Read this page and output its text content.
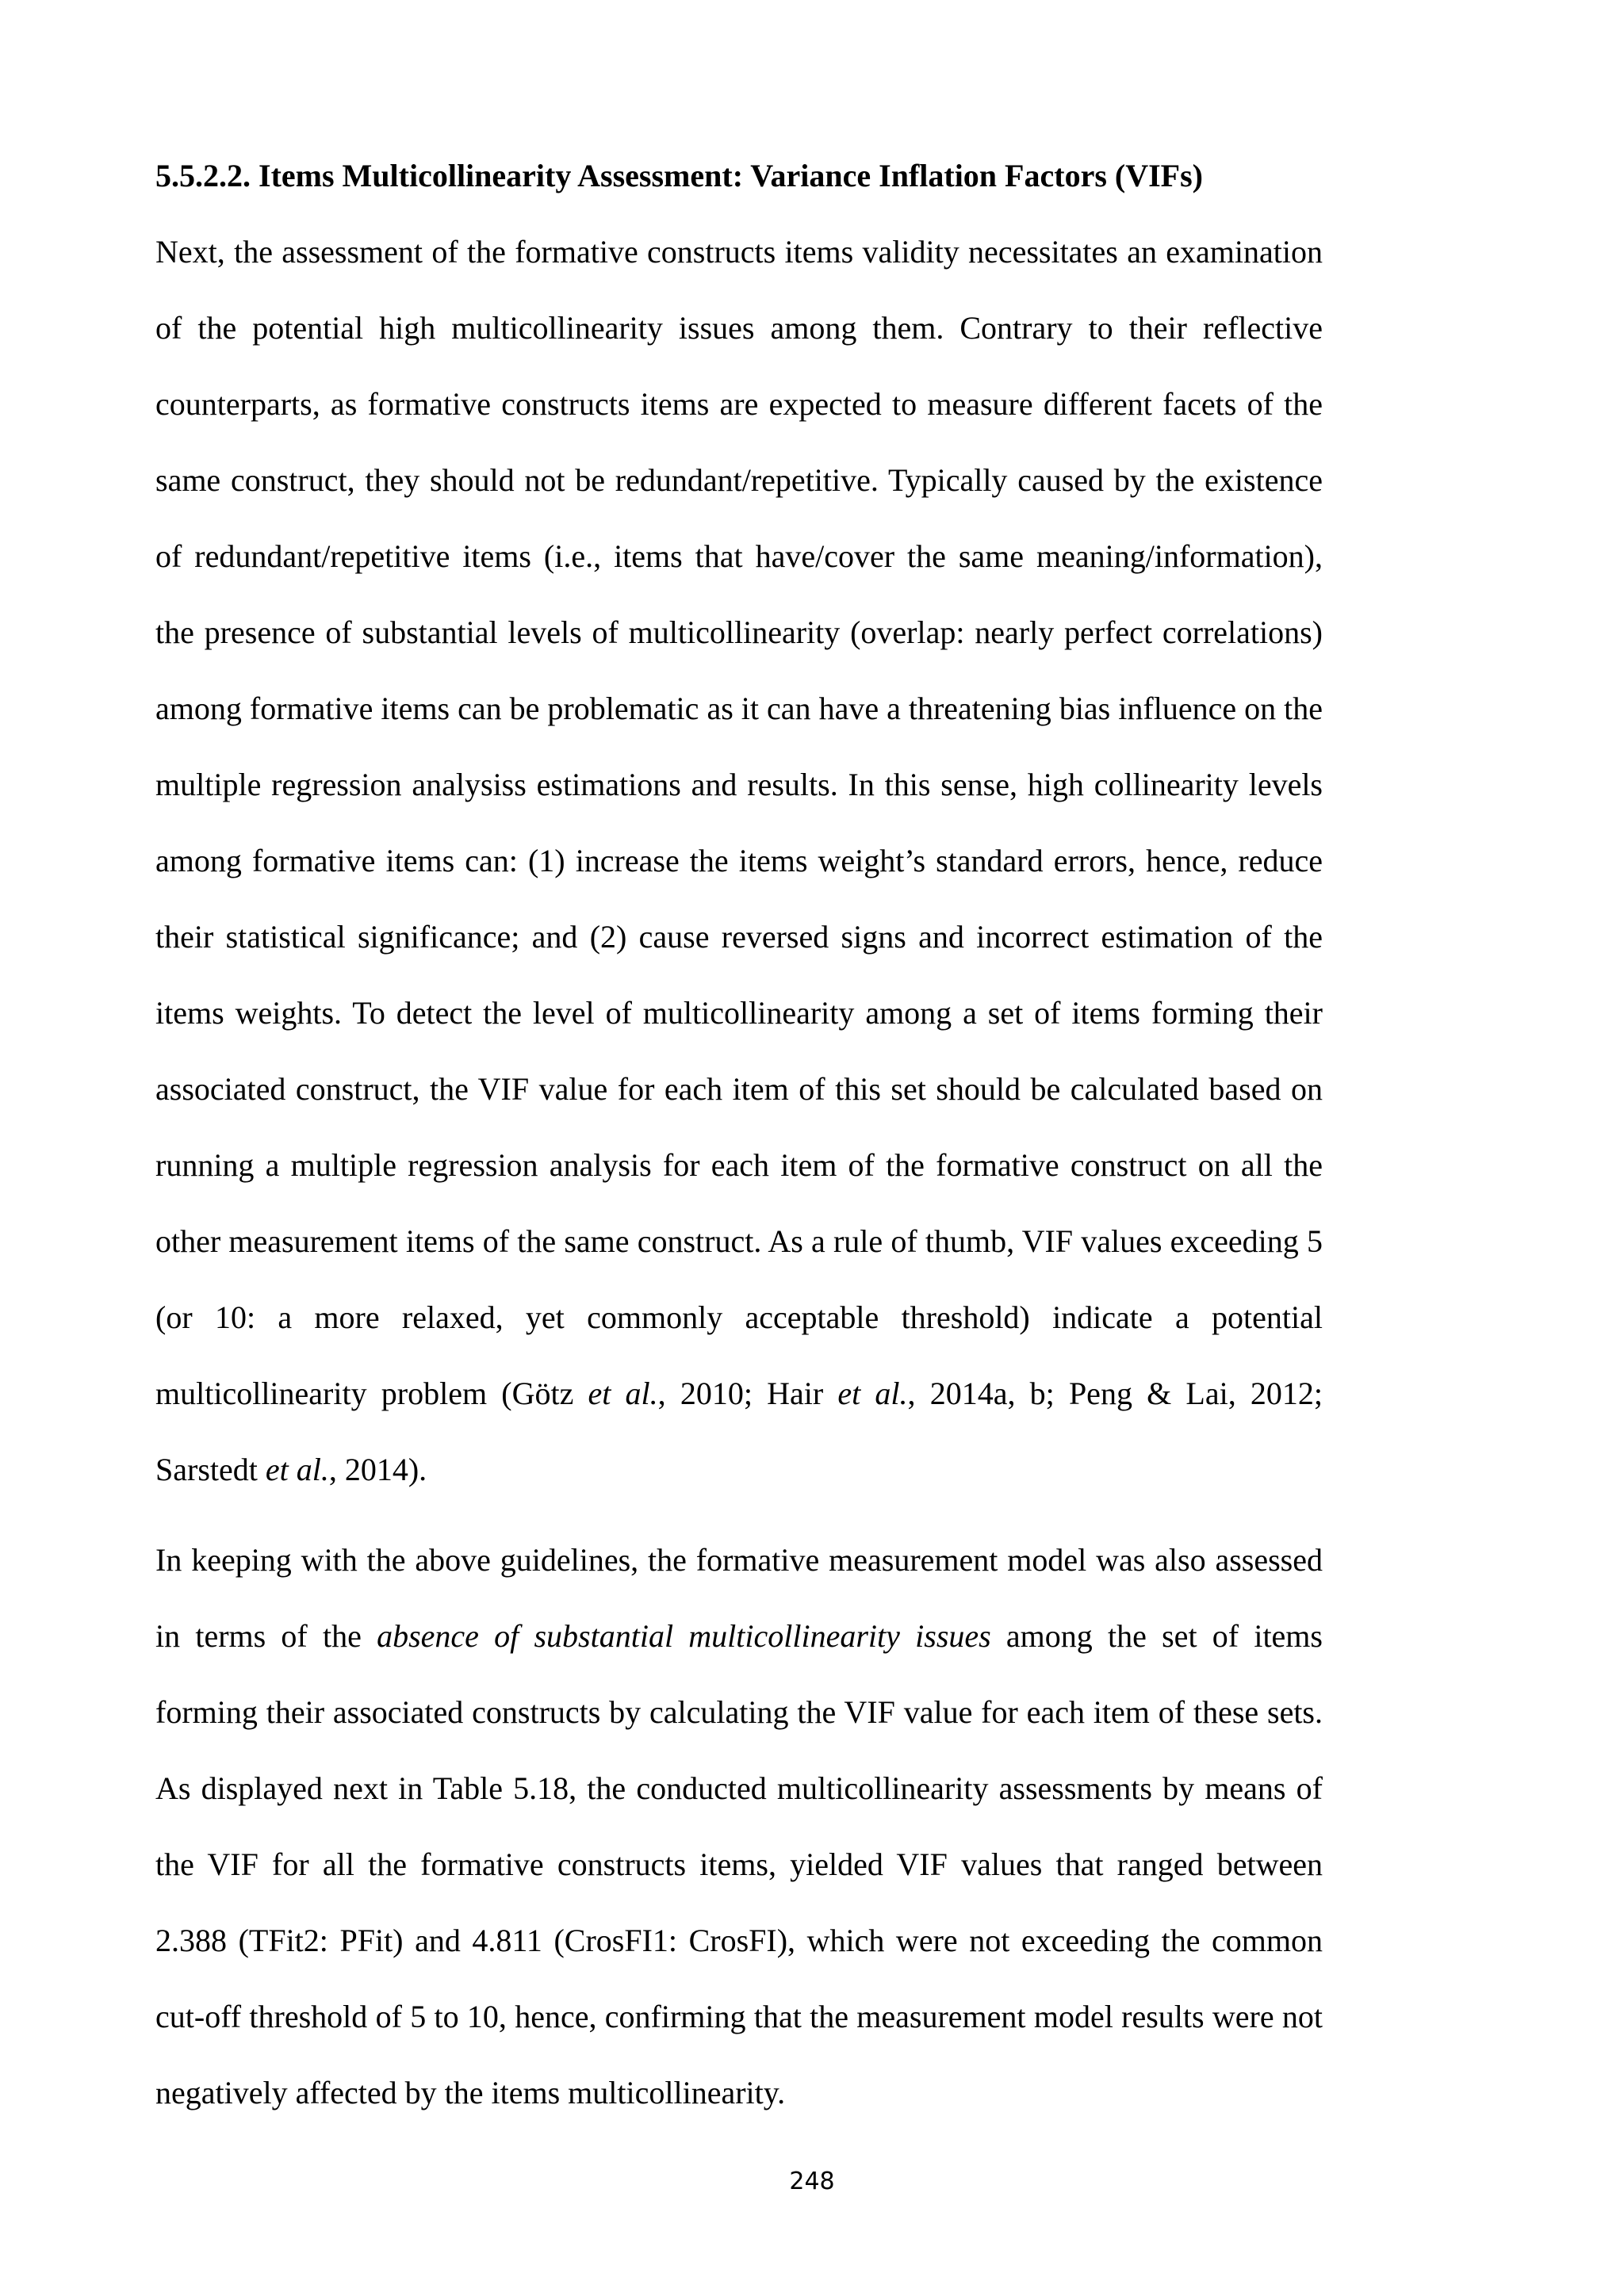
5.5.2.2. Items Multicollinearity Assessment: Variance Inflation Factors (VIFs)

Next, the assessment of the formative constructs items validity necessitates an examination of the potential high multicollinearity issues among them. Contrary to their reflective counterparts, as formative constructs items are expected to measure different facets of the same construct, they should not be redundant/repetitive. Typically caused by the existence of redundant/repetitive items (i.e., items that have/cover the same meaning/information), the presence of substantial levels of multicollinearity (overlap: nearly perfect correlations) among formative items can be problematic as it can have a threatening bias influence on the multiple regression analysiss estimations and results. In this sense, high collinearity levels among formative items can: (1) increase the items weight’s standard errors, hence, reduce their statistical significance; and (2) cause reversed signs and incorrect estimation of the items weights. To detect the level of multicollinearity among a set of items forming their associated construct, the VIF value for each item of this set should be calculated based on running a multiple regression analysis for each item of the formative construct on all the other measurement items of the same construct. As a rule of thumb, VIF values exceeding 5 (or 10: a more relaxed, yet commonly acceptable threshold) indicate a potential multicollinearity problem (Götz et al., 2010; Hair et al., 2014a, b; Peng & Lai, 2012; Sarstedt et al., 2014).

In keeping with the above guidelines, the formative measurement model was also assessed in terms of the absence of substantial multicollinearity issues among the set of items forming their associated constructs by calculating the VIF value for each item of these sets. As displayed next in Table 5.18, the conducted multicollinearity assessments by means of the VIF for all the formative constructs items, yielded VIF values that ranged between 2.388 (TFit2: PFit) and 4.811 (CrosFI1: CrosFI), which were not exceeding the common cut-off threshold of 5 to 10, hence, confirming that the measurement model results were not negatively affected by the items multicollinearity.

248
